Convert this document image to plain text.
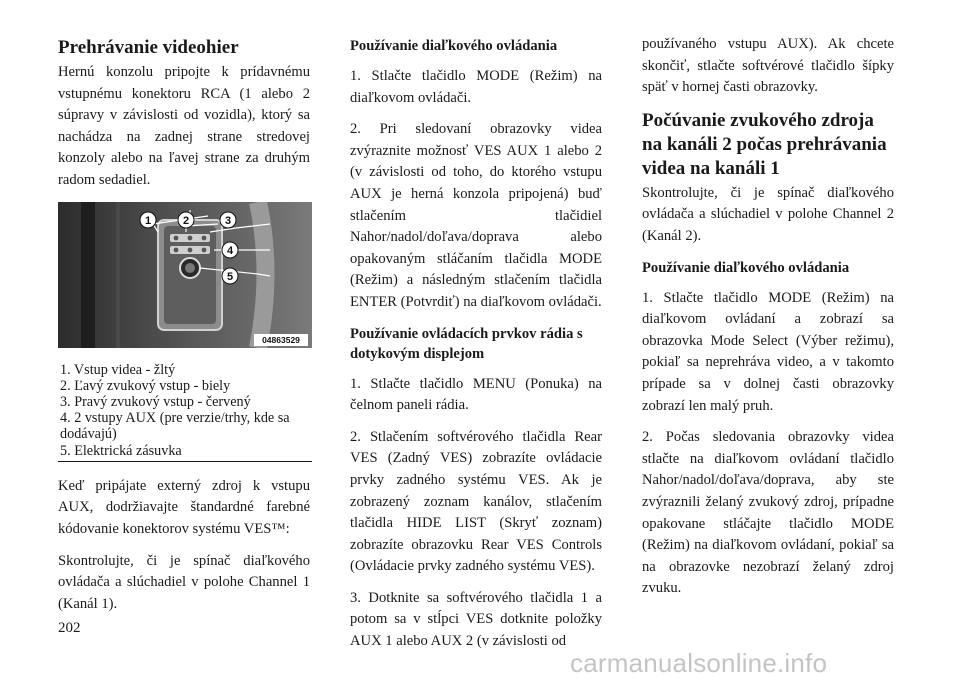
Prehrávanie videohier

Hernú konzolu pripojte k prídavnému vstupnému konektoru RCA (1 alebo 2 súpravy v závislosti od vozidla), ktorý sa nachádza na zadnej strane stredovej konzoly alebo na ľavej strane za druhým radom sedadiel.

1	2	3
4
5
04863529
1. Vstup videa - žltý
2. Ľavý zvukový vstup - biely
3. Pravý zvukový vstup - červený
4. 2 vstupy AUX (pre verzie/trhy, kde sa dodávajú)
5. Elektrická zásuvka

Keď pripájate externý zdroj k vstupu AUX, dodržiavajte štandardné farebné kódovanie konektorov systému VES™:

Skontrolujte, či je spínač diaľkového ovládača a slúchadiel v polohe Channel 1 (Kanál 1).

Používanie diaľkového ovládania

1. Stlačte tlačidlo MODE (Režim) na diaľkovom ovládači.

2. Pri sledovaní obrazovky videa zvýraznite možnosť VES AUX 1 alebo 2 (v závislosti od toho, do ktorého vstupu AUX je herná konzola pripojená) buď stlačením tlačidiel Nahor/nadol/doľava/doprava alebo opakovaným stláčaním tlačidla MODE (Režim) a následným stlačením tlačidla ENTER (Potvrdiť) na diaľkovom ovládači.

Používanie ovládacích prvkov rádia s dotykovým displejom

1. Stlačte tlačidlo MENU (Ponuka) na čelnom paneli rádia.

2. Stlačením softvérového tlačidla Rear VES (Zadný VES) zobrazíte ovládacie prvky zadného systému VES. Ak je zobrazený zoznam kanálov, stlačením tlačidla HIDE LIST (Skryť zoznam) zobrazíte obrazovku Rear VES Controls (Ovládacie prvky zadného systému VES).

3. Dotknite sa softvérového tlačidla 1 a potom sa v stĺpci VES dotknite položky AUX 1 alebo AUX 2 (v závislosti od

používaného vstupu AUX). Ak chcete skončiť, stlačte softvérové tlačidlo šípky späť v hornej časti obrazovky.

Počúvanie zvukového zdroja na kanáli 2 počas prehrávania videa na kanáli 1

Skontrolujte, či je spínač diaľkového ovládača a slúchadiel v polohe Channel 2 (Kanál 2).

Používanie diaľkového ovládania

1. Stlačte tlačidlo MODE (Režim) na diaľkovom ovládaní a zobrazí sa obrazovka Mode Select (Výber režimu), pokiaľ sa neprehráva video, a v takomto prípade sa v dolnej časti obrazovky zobrazí len malý pruh.

2. Počas sledovania obrazovky videa stlačte na diaľkovom ovládaní tlačidlo Nahor/nadol/doľava/doprava, aby ste zvýraznili želaný zvukový zdroj, prípadne opakovane stláčajte tlačidlo MODE (Režim) na diaľkovom ovládaní, pokiaľ sa na obrazovke nezobrazí želaný zdroj zvuku.

202
carmanualsonline.info
